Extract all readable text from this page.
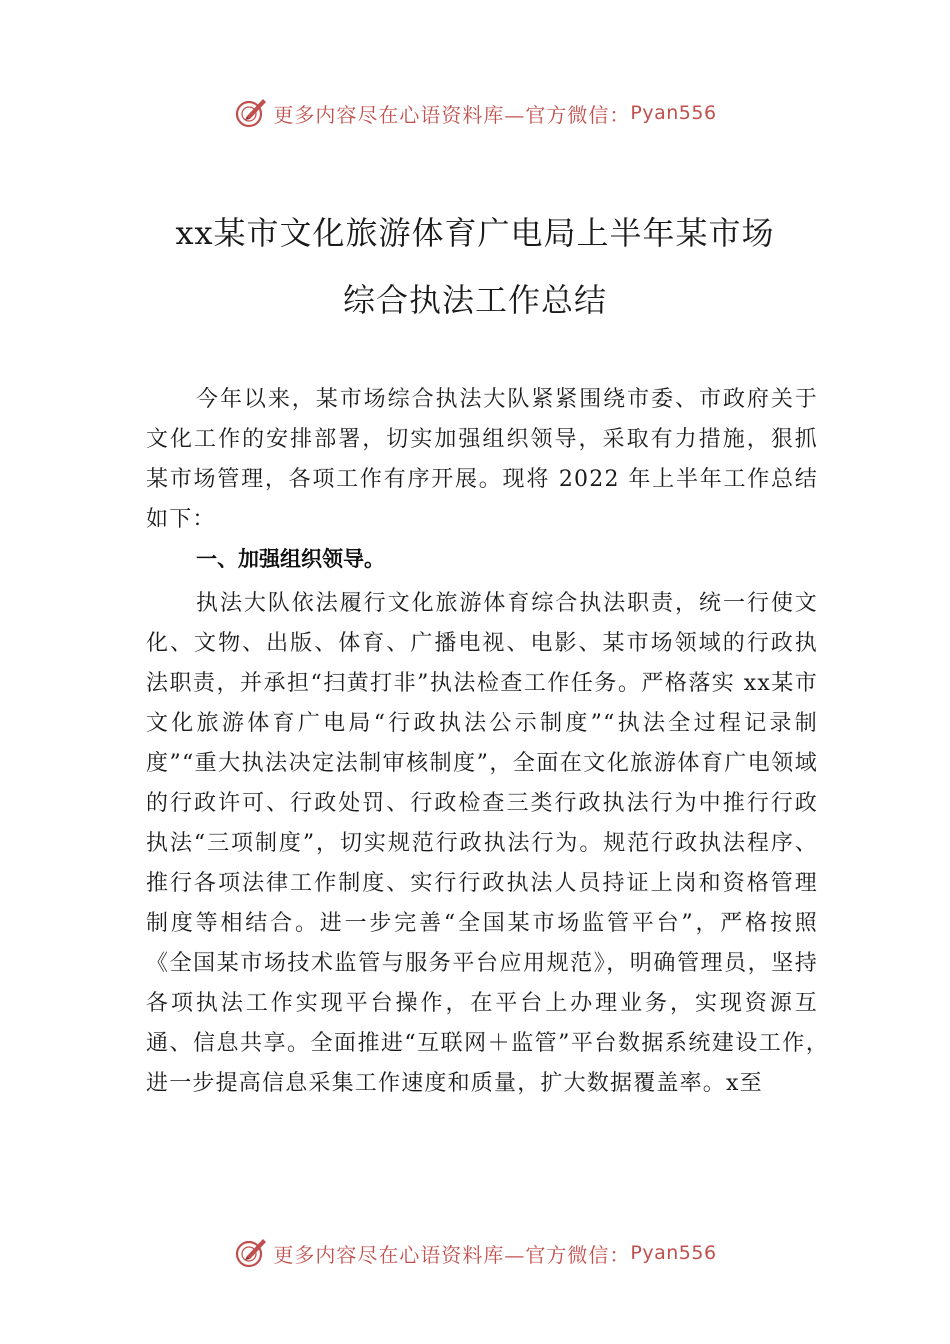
更多内容尽在心语资料库—官方微信： Pyan556
xx某市文化旅游体育广电局上半年某市场
综合执法工作总结

今年以来，某市场综合执法大队紧紧围绕市委、市政府关于文化工作的安排部署，切实加强组织领导，采取有力措施，狠抓某市场管理，各项工作有序开展。现将 2022 年上半年工作总结如下：

一、加强组织领导。

执法大队依法履行文化旅游体育综合执法职责，统一行使文化、文物、出版、体育、广播电视、电影、某市场领域的行政执法职责，并承担“扫黄打非”执法检查工作任务。严格落实 xx某市文化旅游体育广电局“行政执法公示制度”“执法全过程记录制度”“重大执法决定法制审核制度”，全面在文化旅游体育广电领域的行政许可、行政处罚、行政检查三类行政执法行为中推行行政执法“三项制度”，切实规范行政执法行为。规范行政执法程序、推行各项法律工作制度、实行行政执法人员持证上岗和资格管理制度等相结合。进一步完善“全国某市场监管平台”，严格按照《全国某市场技术监管与服务平台应用规范》，明确管理员，坚持各项执法工作实现平台操作，在平台上办理业务，实现资源互通、信息共享。全面推进“互联网＋监管”平台数据系统建设工作，　进一步提高信息采集工作速度和质量，扩大数据覆盖率。x至

更多内容尽在心语资料库—官方微信： Pyan556
